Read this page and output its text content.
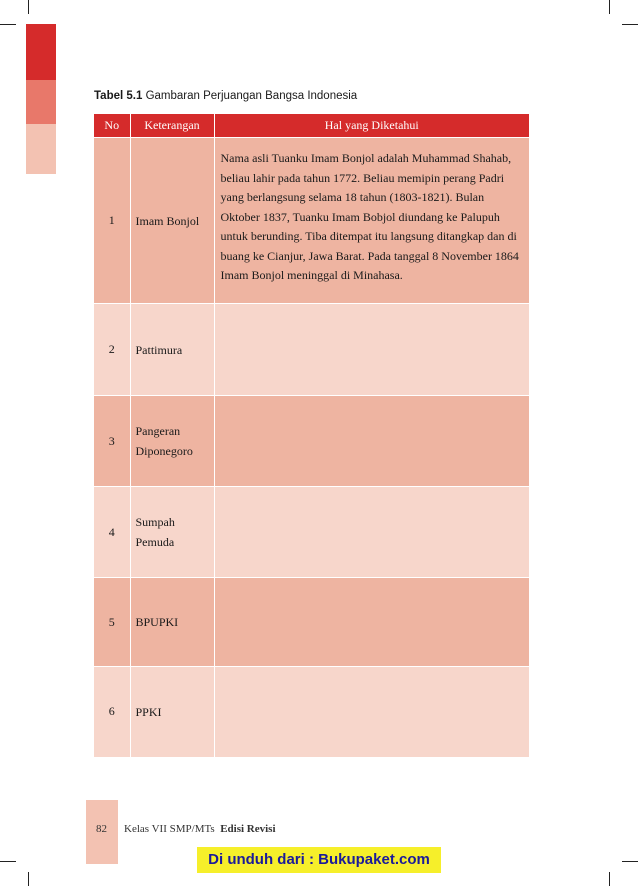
Tabel 5.1 Gambaran Perjuangan Bangsa Indonesia
No	Keterangan	Hal yang Diketahui
1	Imam Bonjol	Nama asli Tuanku Imam Bonjol adalah Muhammad Shahab, beliau lahir pada tahun 1772. Beliau memipin perang Padri yang berlangsung selama 18 tahun (1803-1821). Bulan Oktober 1837, Tuanku Imam Bobjol diundang ke Palupuh untuk berunding. Tiba ditempat itu langsung ditangkap dan di buang ke Cianjur, Jawa Barat. Pada tanggal 8 November 1864 Imam Bonjol meninggal di Minahasa.
2	Pattimura	
3	Pangeran Diponegoro	
4	Sumpah Pemuda	
5	BPUPKI	
6	PPKI	
82 Kelas VII SMP/MTs Edisi Revisi
Di unduh dari : Bukupaket.com
